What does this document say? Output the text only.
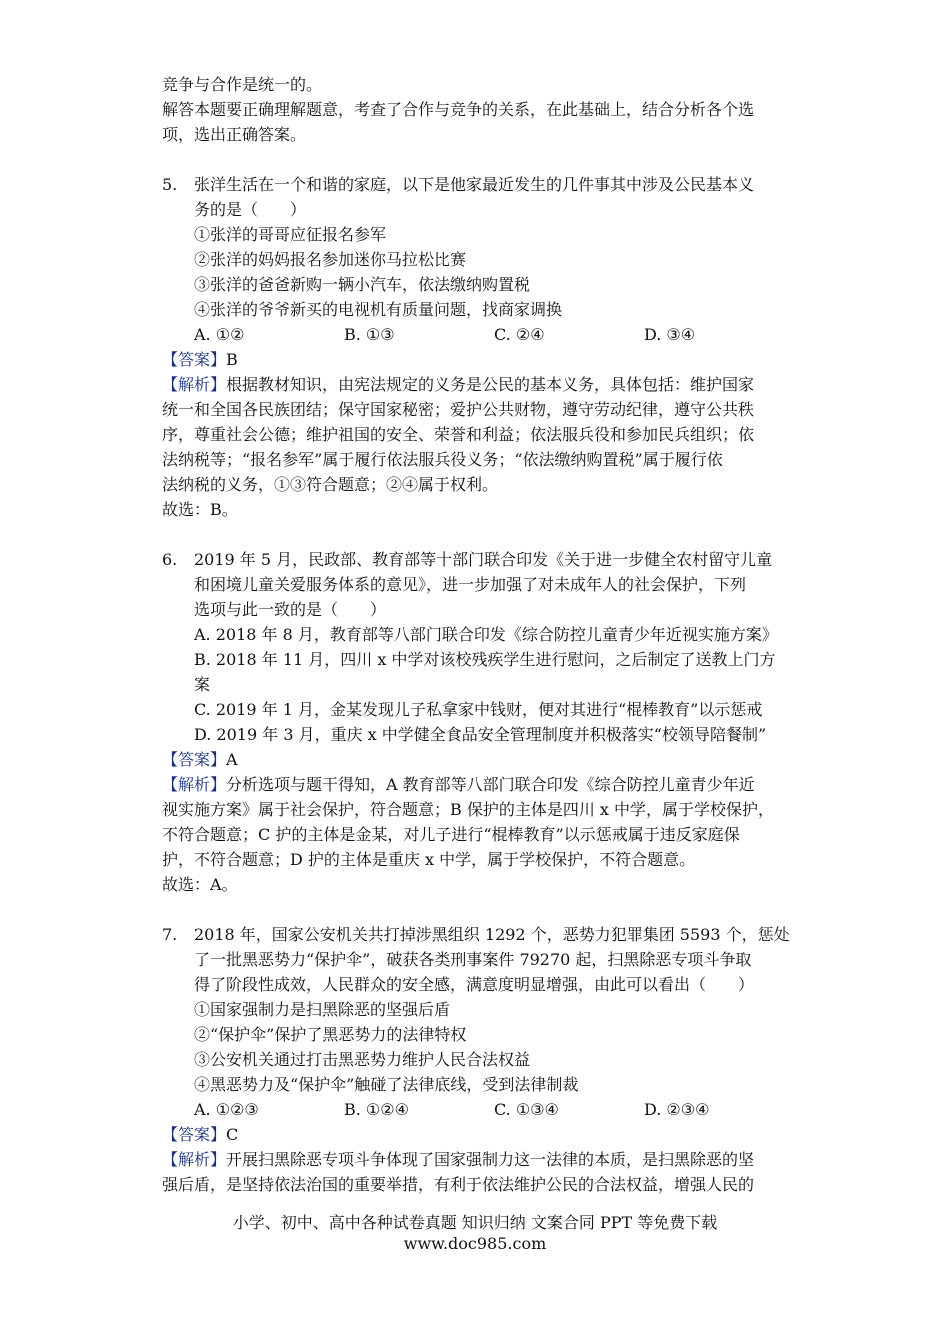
竞争与合作是统一的。
解答本题要正确理解题意，考查了合作与竞争的关系，在此基础上，结合分析各个选
项，选出正确答案。
5. 张洋生活在一个和谐的家庭，以下是他家最近发生的几件事其中涉及公民基本义
务的是（　　）
①张洋的哥哥应征报名参军
②张洋的妈妈报名参加迷你马拉松比赛
③张洋的爸爸新购一辆小汽车，依法缴纳购置税
④张洋的爷爷新买的电视机有质量问题，找商家调换
A. ①②	B. ①③	C. ②④	D. ③④
【答案】B
【解析】根据教材知识，由宪法规定的义务是公民的基本义务，具体包括：维护国家
统一和全国各民族团结；保守国家秘密；爱护公共财物，遵守劳动纪律，遵守公共秩
序，尊重社会公德；维护祖国的安全、荣誉和利益；依法服兵役和参加民兵组织；依
法纳税等；“报名参军”属于履行依法服兵役义务；“依法缴纳购置税”属于履行依
法纳税的义务，①③符合题意；②④属于权利。
故选：B。
6. 2019 年 5 月，民政部、教育部等十部门联合印发《关于进一步健全农村留守儿童
和困境儿童关爱服务体系的意见》，进一步加强了对未成年人的社会保护，下列
选项与此一致的是（　　）
A. 2018 年 8 月，教育部等八部门联合印发《综合防控儿童青少年近视实施方案》
B. 2018 年 11 月，四川 x 中学对该校残疾学生进行慰问，之后制定了送教上门方
案
C. 2019 年 1 月，金某发现儿子私拿家中钱财，便对其进行“棍棒教育”以示惩戒
D. 2019 年 3 月，重庆 x 中学健全食品安全管理制度并积极落实“校领导陪餐制”
【答案】A
【解析】分析选项与题干得知，A 教育部等八部门联合印发《综合防控儿童青少年近
视实施方案》属于社会保护，符合题意；B 保护的主体是四川 x 中学，属于学校保护，
不符合题意；C 护的主体是金某，对儿子进行“棍棒教育”以示惩戒属于违反家庭保
护，不符合题意；D 护的主体是重庆 x 中学，属于学校保护，不符合题意。
故选：A。
7. 2018 年，国家公安机关共打掉涉黑组织 1292 个，恶势力犯罪集团 5593 个，惩处
了一批黑恶势力“保护伞”，破获各类刑事案件 79270 起，扫黑除恶专项斗争取
得了阶段性成效，人民群众的安全感，满意度明显增强，由此可以看出（　　）
①国家强制力是扫黑除恶的坚强后盾
②“保护伞”保护了黑恶势力的法律特权
③公安机关通过打击黑恶势力维护人民合法权益
④黑恶势力及“保护伞”触碰了法律底线，受到法律制裁
A. ①②③	B. ①②④	C. ①③④	D. ②③④
【答案】C
【解析】开展扫黑除恶专项斗争体现了国家强制力这一法律的本质，是扫黑除恶的坚
强后盾，是坚持依法治国的重要举措，有利于依法维护公民的合法权益，增强人民的
小学、初中、高中各种试卷真题 知识归纳 文案合同 PPT 等免费下载
www.doc985.com
